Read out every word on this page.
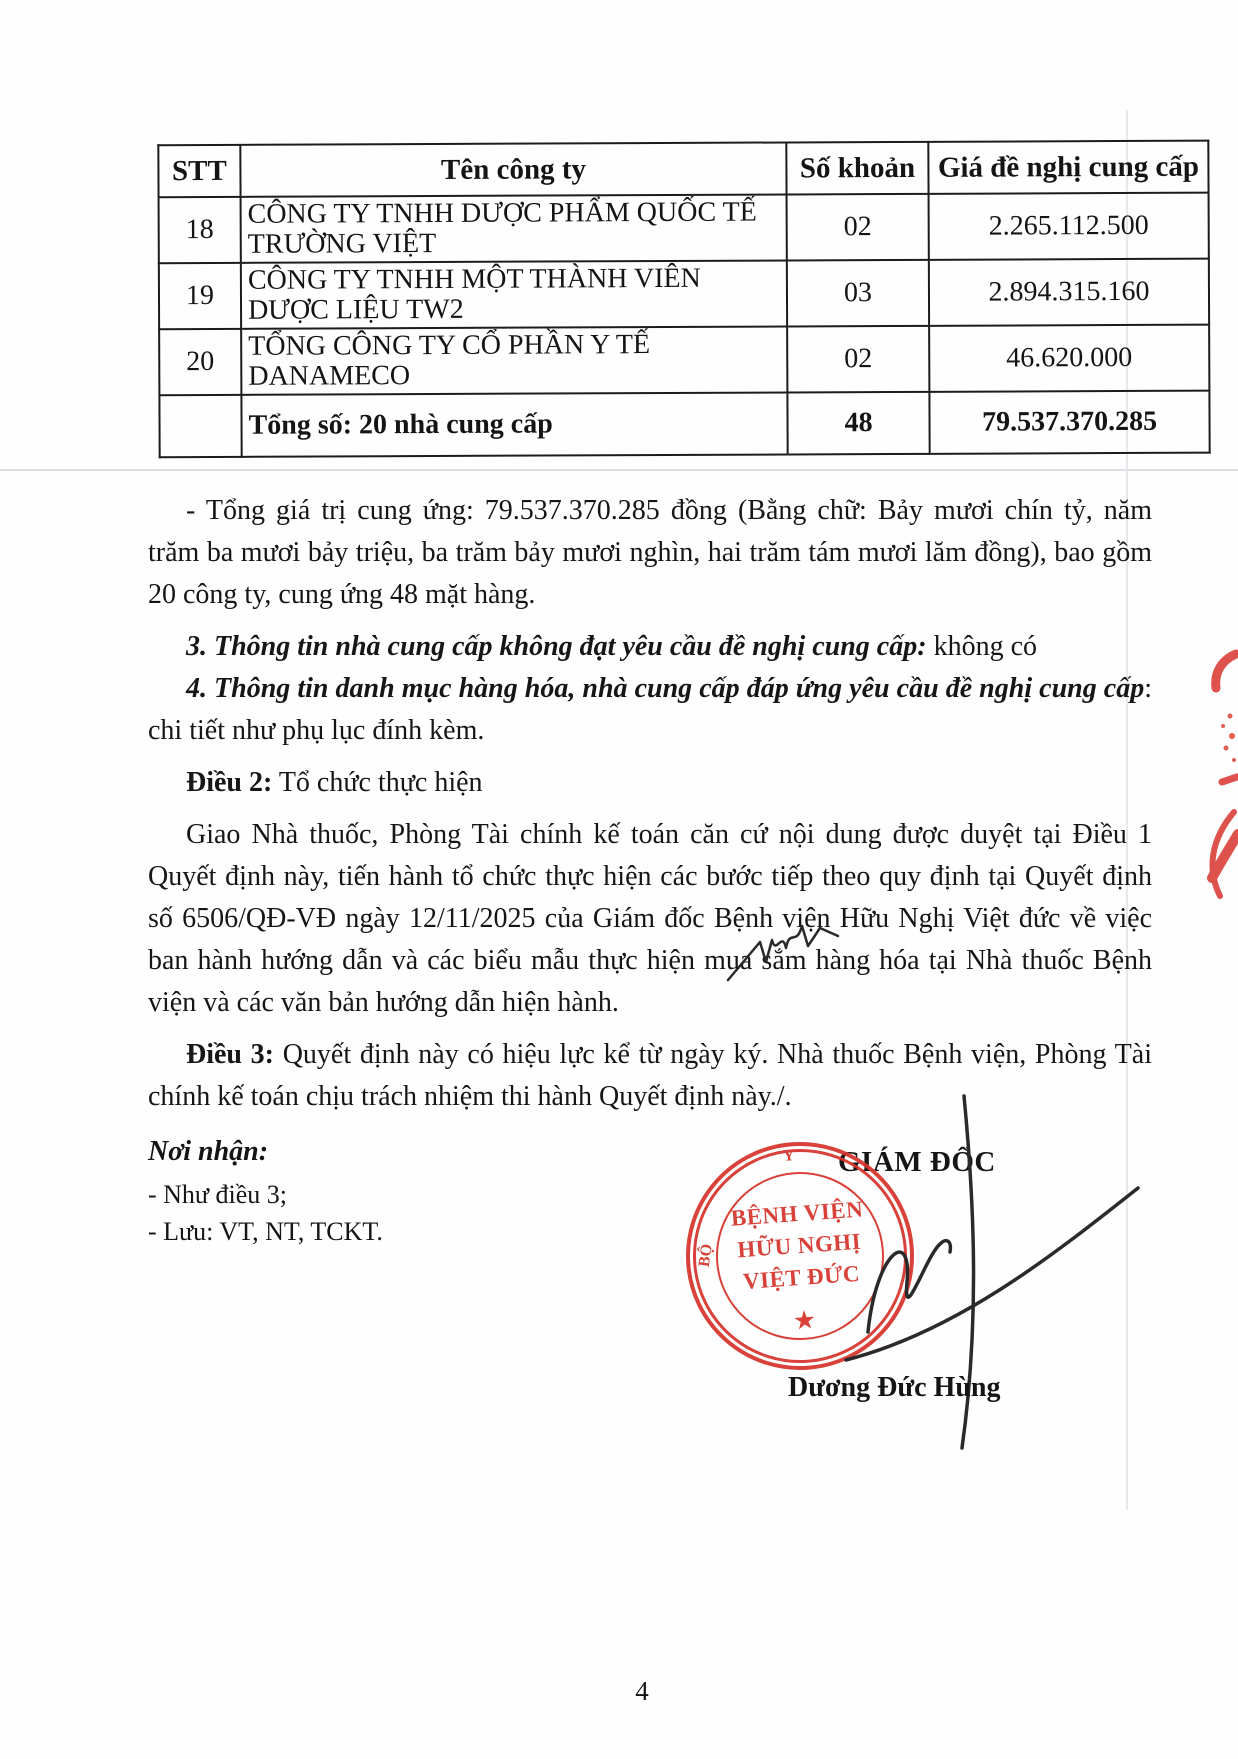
STT	Tên công ty	Số khoản	Giá đề nghị cung cấp
18	CÔNG TY TNHH DƯỢC PHẨM QUỐC TẾ TRƯỜNG VIỆT	02	2.265.112.500
19	CÔNG TY TNHH MỘT THÀNH VIÊN DƯỢC LIỆU TW2	03	2.894.315.160
20	TỔNG CÔNG TY CỔ PHẦN Y TẾ DANAMECO	02	46.620.000
	Tổng số: 20 nhà cung cấp	48	79.537.370.285

- Tổng giá trị cung ứng: 79.537.370.285 đồng (Bằng chữ: Bảy mươi chín tỷ, năm trăm ba mươi bảy triệu, ba trăm bảy mươi nghìn, hai trăm tám mươi lăm đồng), bao gồm 20 công ty, cung ứng 48 mặt hàng.

3. Thông tin nhà cung cấp không đạt yêu cầu đề nghị cung cấp: không có

4. Thông tin danh mục hàng hóa, nhà cung cấp đáp ứng yêu cầu đề nghị cung cấp: chi tiết như phụ lục đính kèm.

Điều 2: Tổ chức thực hiện

Giao Nhà thuốc, Phòng Tài chính kế toán căn cứ nội dung được duyệt tại Điều 1 Quyết định này, tiến hành tổ chức thực hiện các bước tiếp theo quy định tại Quyết định số 6506/QĐ-VĐ ngày 12/11/2025 của Giám đốc Bệnh viện Hữu Nghị Việt đức về việc ban hành hướng dẫn và các biểu mẫu thực hiện mua sắm hàng hóa tại Nhà thuốc Bệnh viện và các văn bản hướng dẫn hiện hành.

Điều 3: Quyết định này có hiệu lực kể từ ngày ký. Nhà thuốc Bệnh viện, Phòng Tài chính kế toán chịu trách nhiệm thi hành Quyết định này./.

Nơi nhận:
- Như điều 3;
- Lưu: VT, NT, TCKT.
GIÁM ĐỐC
BỘ
Y
BỆNH VIỆN
HỮU NGHỊ
VIỆT ĐỨC
★
Dương Đức Hùng
4
